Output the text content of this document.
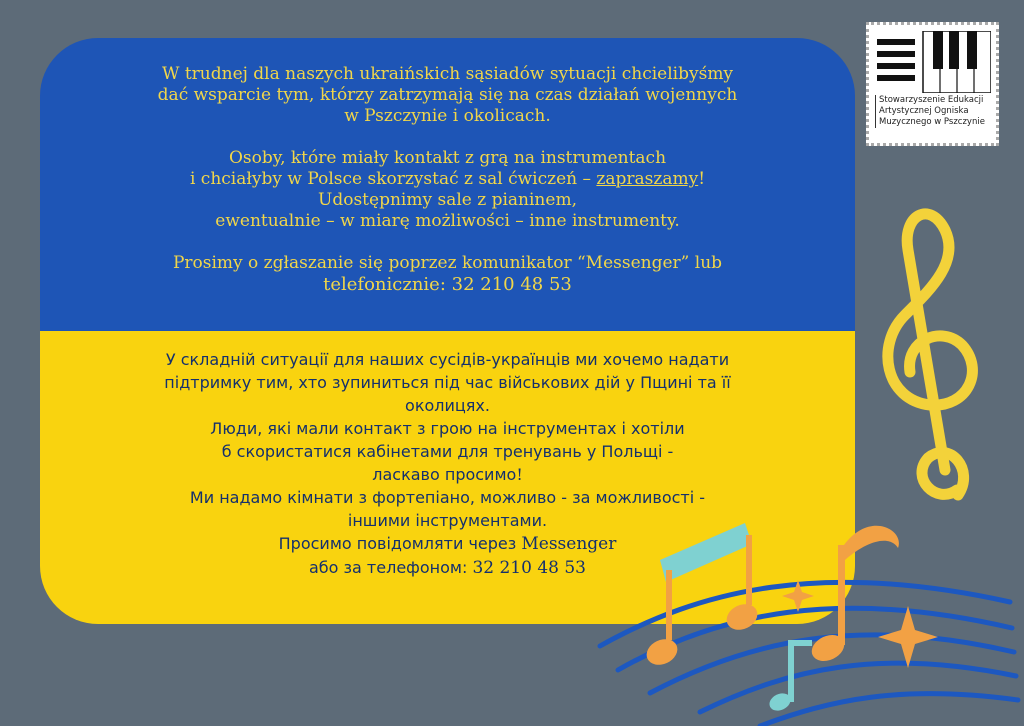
W trudnej dla naszych ukraińskich sąsiadów sytuacji chcielibyśmy

dać wsparcie tym, którzy zatrzymają się na czas działań wojennych

w Pszczynie i okolicach.

Osoby, które miały kontakt z grą na instrumentach

i chciałyby w Polsce skorzystać z sal ćwiczeń – zapraszamy!

Udostępnimy sale z pianinem,

ewentualnie – w miarę możliwości – inne instrumenty.

Prosimy o zgłaszanie się poprzez komunikator “Messenger” lub

telefonicznie: 32 210 48 53

У складній ситуації для наших сусідів-українців ми хочемо надати

підтримку тим, хто зупиниться під час військових дій у Пщині та її

околицях.

Люди, які мали контакт з грою на інструментах і хотіли

б скористатися кабінетами для тренувань у Польщі -

ласкаво просимо!

Ми надамо кімнати з фортепіано, можливо - за можливості -

іншими інструментами.

Просимо повідомляти через Messenger

або за телефоном: 32 210 48 53

Stowarzyszenie Edukacji
Artystycznej Ogniska
Muzycznego w Pszczynie
